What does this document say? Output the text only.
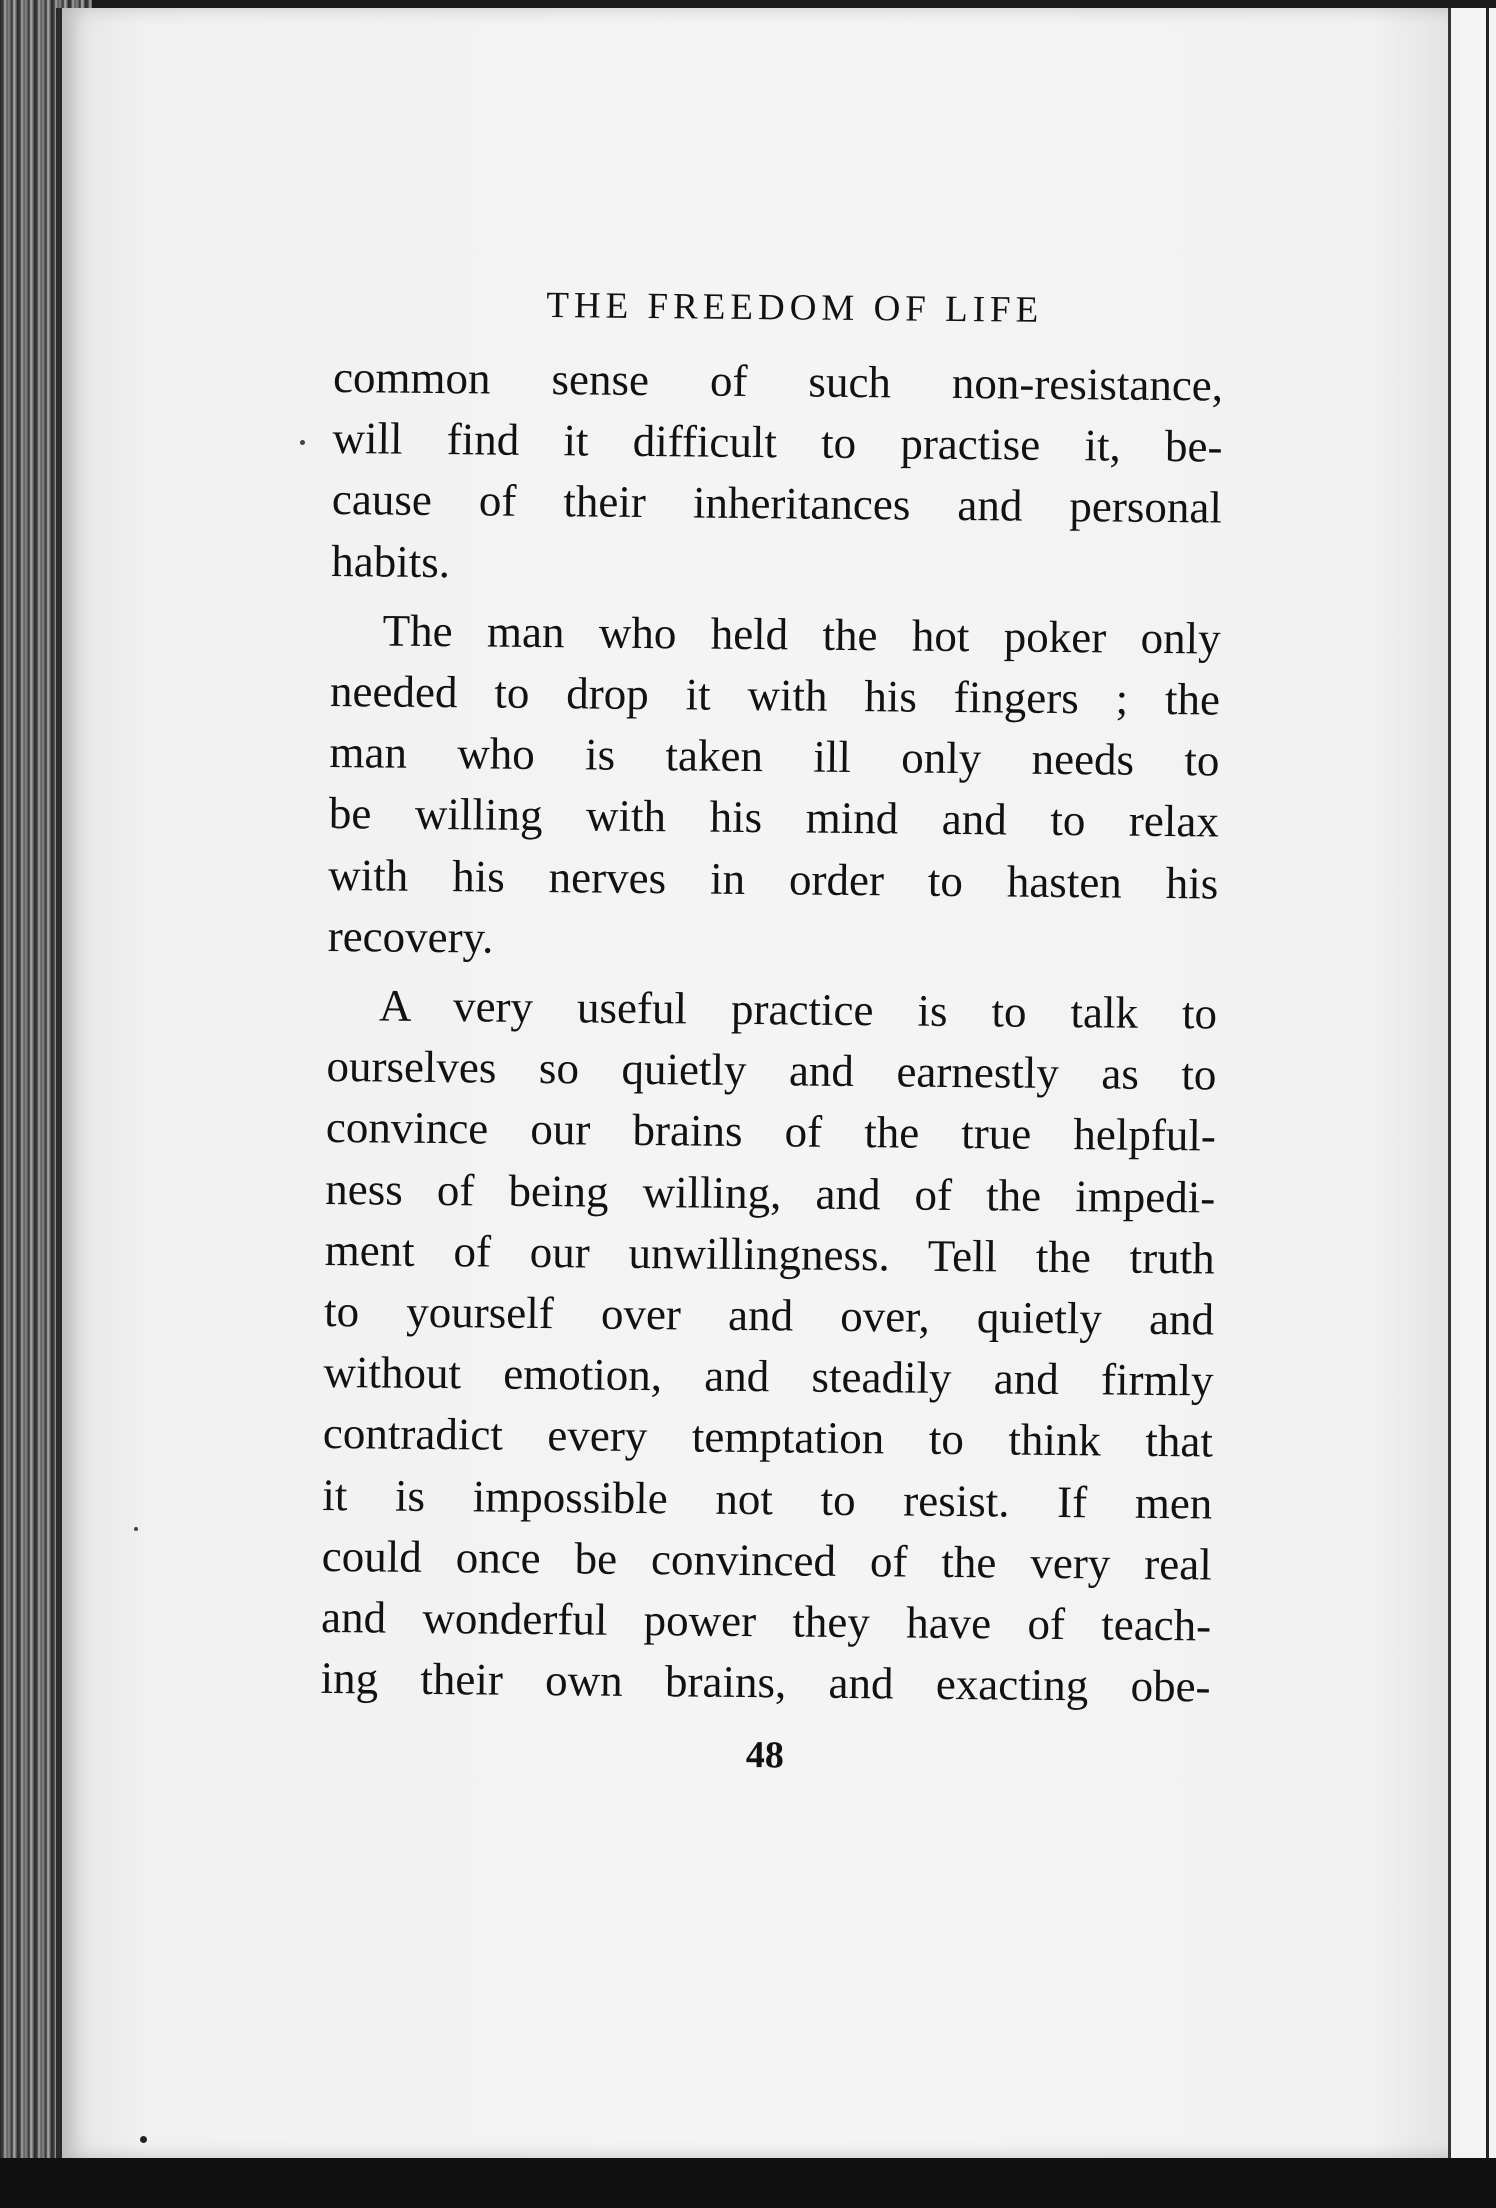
THE FREEDOM OF LIFE

common sense of such non-resistance,
will find it difficult to practise it, be-
cause of their inheritances and personal
habits.

The man who held the hot poker only
needed to drop it with his fingers ; the
man who is taken ill only needs to
be willing with his mind and to relax
with his nerves in order to hasten his
recovery.

A very useful practice is to talk to
ourselves so quietly and earnestly as to
convince our brains of the true helpful-
ness of being willing, and of the impedi-
ment of our unwillingness. Tell the truth
to yourself over and over, quietly and
without emotion, and steadily and firmly
contradict every temptation to think that
it is impossible not to resist. If men
could once be convinced of the very real
and wonderful power they have of teach-
ing their own brains, and exacting obe-

48
